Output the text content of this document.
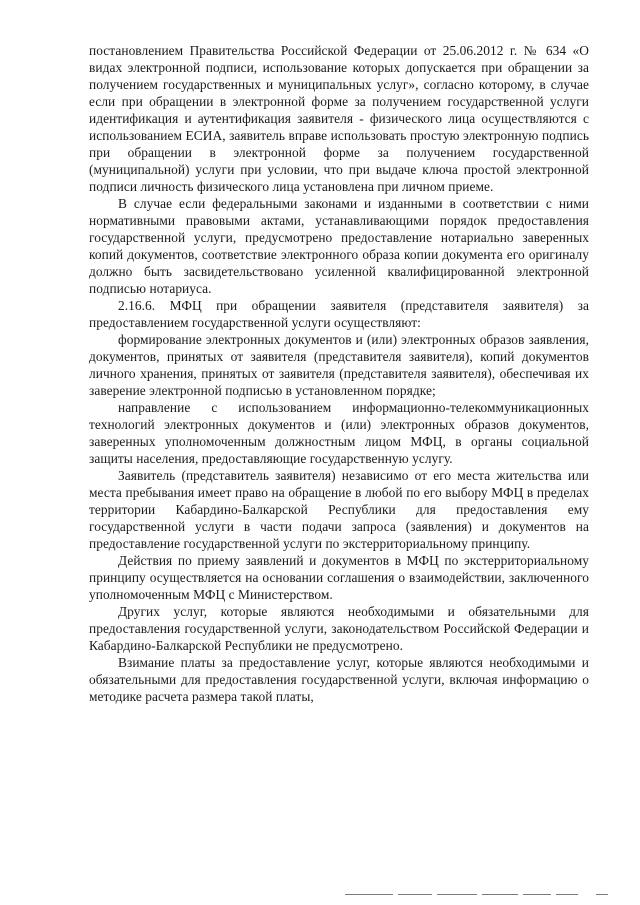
постановлением Правительства Российской Федерации от 25.06.2012 г. № 634 «О видах электронной подписи, использование которых допускается при обращении за получением государственных и муниципальных услуг», согласно которому, в случае если при обращении в электронной форме за получением государственной услуги идентификация и аутентификация заявителя - физического лица осуществляются с использованием ЕСИА, заявитель вправе использовать простую электронную подпись при обращении в электронной форме за получением государственной (муниципальной) услуги при условии, что при выдаче ключа простой электронной подписи личность физического лица установлена при личном приеме.

В случае если федеральными законами и изданными в соответствии с ними нормативными правовыми актами, устанавливающими порядок предоставления государственной услуги, предусмотрено предоставление нотариально заверенных копий документов, соответствие электронного образа копии документа его оригиналу должно быть засвидетельствовано усиленной квалифицированной электронной подписью нотариуса.

2.16.6. МФЦ при обращении заявителя (представителя заявителя) за предоставлением государственной услуги осуществляют:

формирование электронных документов и (или) электронных образов заявления, документов, принятых от заявителя (представителя заявителя), копий документов личного хранения, принятых от заявителя (представителя заявителя), обеспечивая их заверение электронной подписью в установленном порядке;

направление с использованием информационно-телекоммуникационных технологий электронных документов и (или) электронных образов документов, заверенных уполномоченным должностным лицом МФЦ, в органы социальной защиты населения, предоставляющие государственную услугу.

Заявитель (представитель заявителя) независимо от его места жительства или места пребывания имеет право на обращение в любой по его выбору МФЦ в пределах территории Кабардино-Балкарской Республики для предоставления ему государственной услуги в части подачи запроса (заявления) и документов на предоставление государственной услуги по экстерриториальному принципу.

Действия по приему заявлений и документов в МФЦ по экстерриториальному принципу осуществляется на основании соглашения о взаимодействии, заключенного уполномоченным МФЦ с Министерством.

Других услуг, которые являются необходимыми и обязательными для предоставления государственной услуги, законодательством Российской Федерации и Кабардино-Балкарской Республики не предусмотрено.

Взимание платы за предоставление услуг, которые являются необходимыми и обязательными для предоставления государственной услуги, включая информацию о методике расчета размера такой платы,
